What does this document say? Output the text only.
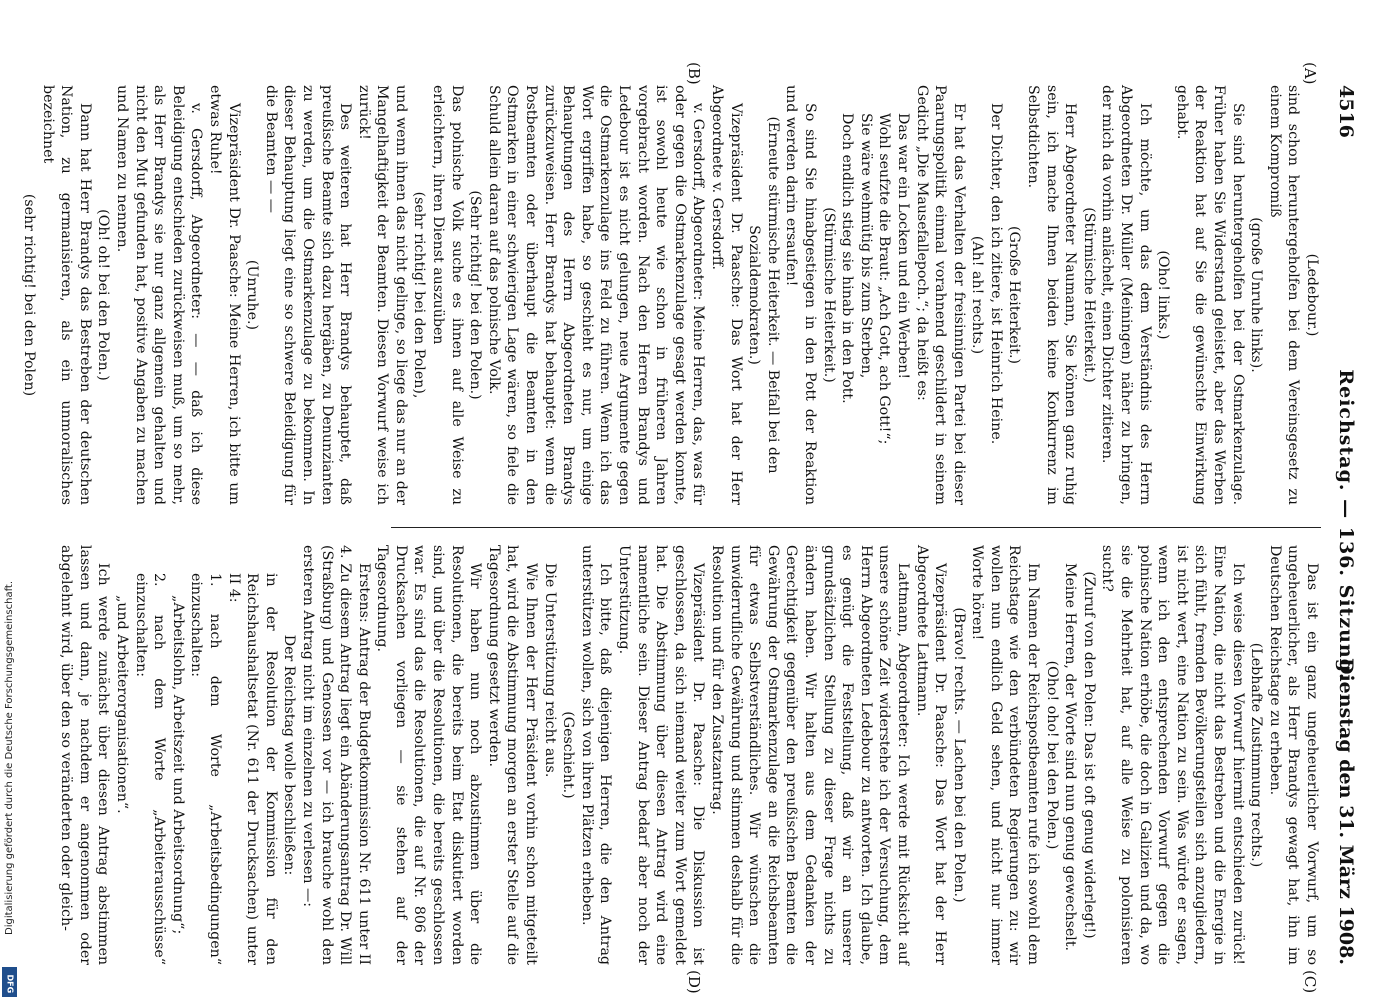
4516
Reichstag. — 136. Sitzung.
Dienstag den 31. März 1908.
(A)
(B)
(C)
(D)

(Ledebour.)

sind schon heruntergeholfen bei dem Vereinsgesetz zu einem Kompromiß

(große Unruhe links).

Sie sind heruntergeholfen bei der Ostmarkenzulage. Früher haben Sie Widerstand geleistet, aber das Werben der Reaktion hat auf Sie die gewünschte Einwirkung gehabt.

(Oho! links.)

Ich möchte, um das dem Verständnis des Herrn Abgeordneten Dr. Müller (Meiningen) näher zu bringen, der mich da vorhin anlächelt, einen Dichter zitieren.

(Stürmische Heiterkeit.)

Herr Abgeordneter Naumann, Sie können ganz ruhig sein, ich mache Ihnen beiden keine Konkurrenz im Selbstdichten.

(Große Heiterkeit.)

Der Dichter, den ich zitiere, ist Heinrich Heine.

(Ah! ah! rechts.)

Er hat das Verhalten der freisinnigen Partei bei dieser Paarungspolitik einmal vorahnend geschildert in seinem Gedicht „Die Mausefallepoch.“; da heißt es:

Das war ein Locken und ein Werben!

Wohl seufzte die Braut: „Ach Gott, ach Gott!“;

Sie wäre wehmütig bis zum Sterben,

Doch endlich stieg sie hinab in den Pott.

(Stürmische Heiterkeit.)

So sind Sie hinabgestiegen in den Pott der Reaktion und werden darin ersaufen!

(Erneute stürmische Heiterkeit. — Beifall bei den Sozialdemokraten.)

Vizepräsident Dr. Paasche: Das Wort hat der Herr Abgeordnete v. Gersdorff.

v. Gersdorff, Abgeordneter: Meine Herren, das, was für oder gegen die Ostmarkenzulage gesagt werden konnte, ist sowohl heute wie schon in früheren Jahren vorgebracht worden. Nach den Herren Brandys und Ledebour ist es nicht gelungen, neue Argumente gegen die Ostmarkenzulage ins Feld zu führen. Wenn ich das Wort ergriffen habe, so geschieht es nur, um einige Behauptungen des Herrn Abgeordneten Brandys zurückzuweisen. Herr Brandys hat behauptet: wenn die Postbeamten oder überhaupt die Beamten in den Ostmarken in einer schwierigen Lage wären, so fiele die Schuld allein daran auf das polnische Volk.

(Sehr richtig! bei den Polen.)

Das polnische Volk suche es ihnen auf alle Weise zu erleichtern, ihren Dienst auszuüben

(sehr richtig! bei den Polen),

und wenn ihnen das nicht gelinge, so liege das nur an der Mangelhaftigkeit der Beamten. Diesen Vorwurf weise ich zurück!

Des weiteren hat Herr Brandys behauptet, daß preußische Beamte sich dazu hergäben, zu Denunzianten zu werden, um die Ostmarkenzulage zu bekommen. In dieser Behauptung liegt eine so schwere Beleidigung für die Beamten — —

(Unruhe.)

Vizepräsident Dr. Paasche: Meine Herren, ich bitte um etwas Ruhe!

v. Gersdorff, Abgeordneter: — — daß ich diese Beleidigung entschieden zurückweisen muß, um so mehr, als Herr Brandys sie nur ganz allgemein gehalten und nicht den Mut gefunden hat, positive Angaben zu machen und Namen zu nennen.

(Oh! oh! bei den Polen.)

Dann hat Herr Brandys das Bestreben der deutschen Nation, zu germanisieren, als ein unmoralisches bezeichnet

(sehr richtig! bei den Polen)

Das ist ein ganz ungeheuerlicher Vorwurf, um so ungeheuerlicher, als Herr Brandys gewagt hat, ihn im Deutschen Reichstage zu erheben.

(Lebhafte Zustimmung rechts.)

Ich weise diesen Vorwurf hiermit entschieden zurück! Eine Nation, die nicht das Bestreben und die Energie in sich fühlt, fremden Bevölkerungsteilen sich anzugliedern, ist nicht wert, eine Nation zu sein. Was würde er sagen, wenn ich den entsprechenden Vorwurf gegen die polnische Nation erhöbe, die doch in Galizien und da, wo sie die Mehrheit hat, auf alle Weise zu polonisieren sucht?

(Zuruf von den Polen: Das ist oft genug widerlegt!)

Meine Herren, der Worte sind nun genug gewechselt.

(Oho! oho! bei den Polen.)

Im Namen der Reichspostbeamten rufe ich sowohl dem Reichstage wie den verbündeten Regierungen zu: wir wollen nun endlich Geld sehen, und nicht nur immer Worte hören!

(Bravo! rechts. — Lachen bei den Polen.)

Vizepräsident Dr. Paasche: Das Wort hat der Herr Abgeordnete Lattmann.

Lattmann, Abgeordneter: Ich werde mit Rücksicht auf unsere schöne Zeit widerstehe ich der Versuchung, dem Herrn Abgeordneten Ledebour zu antworten. Ich glaube, es genügt die Feststellung, daß wir an unserer grundsätzlichen Stellung zu dieser Frage nichts zu ändern haben. Wir halten aus dem Gedanken der Gerechtigkeit gegenüber den preußischen Beamten die Gewährung der Ostmarkenzulage an die Reichsbeamten für etwas Selbstverständliches. Wir wünschen die unwiderrufliche Gewährung und stimmen deshalb für die Resolution und für den Zusatzantrag.

Vizepräsident Dr. Paasche: Die Diskussion ist geschlossen, da sich niemand weiter zum Wort gemeldet hat. Die Abstimmung über diesen Antrag wird eine namentliche sein. Dieser Antrag bedarf aber noch der Unterstützung.

Ich bitte, daß diejenigen Herren, die den Antrag unterstützen wollen, sich von ihren Plätzen erheben.

(Geschieht.)

Die Unterstützung reicht aus.

Wie Ihnen der Herr Präsident vorhin schon mitgeteilt hat, wird die Abstimmung morgen an erster Stelle auf die Tagesordnung gesetzt werden.

Wir haben nun noch abzustimmen über die Resolutionen, die bereits beim Etat diskutiert worden sind, und über die Resolutionen, die bereits geschlossen war. Es sind das die Resolutionen, die auf Nr. 806 der Drucksachen vorliegen — sie stehen auf der Tagesordnung.

Erstens: Antrag der Budgetkommission Nr. 611 unter II 4. Zu diesem Antrag liegt ein Abänderungsantrag Dr. Will (Straßburg) und Genossen vor — ich brauche wohl den ersteren Antrag nicht im einzelnen zu verlesen —:

Der Reichstag wolle beschließen:

in der Resolution der Kommission für den Reichshaushaltsetat (Nr. 611 der Drucksachen) unter II 4:

1. nach dem Worte „Arbeitsbedingungen“ einzuschalten:

„Arbeitslohn, Arbeitszeit und Arbeitsordnung“;

2. nach dem Worte „Arbeiterausschüsse“ einzuschalten:

„und Arbeiterorganisationen“.

Ich werde zunächst über diesen Antrag abstimmen lassen und dann, je nachdem er angenommen oder abgelehnt wird, über den so veränderten oder gleich-

Digitalisierung gefördert durch die Deutsche Forschungsgemeinschaft.
DFG
